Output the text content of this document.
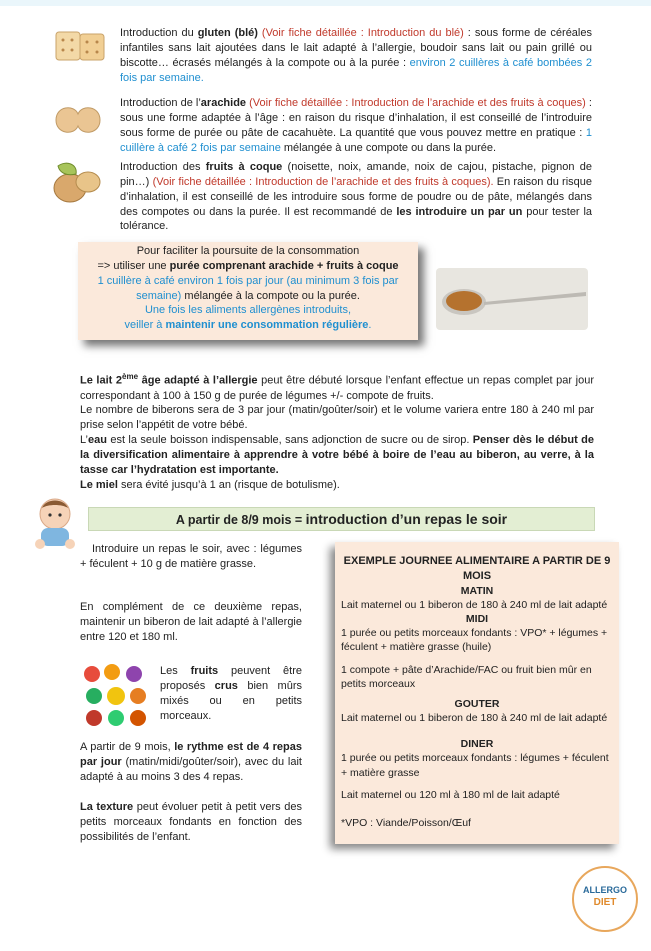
Introduction du gluten (blé) (Voir fiche détaillée : Introduction du blé) : sous forme de céréales infantiles sans lait ajoutées dans le lait adapté à l’allergie, boudoir sans lait ou pain grillé ou biscotte… écrasés mélangés à la compote ou à la purée : environ 2 cuillères à café bombées 2 fois par semaine.
Introduction de l’arachide (Voir fiche détaillée : Introduction de l’arachide et des fruits à coques) : sous une forme adaptée à l’âge : en raison du risque d’inhalation, il est conseillé de l’introduire sous forme de purée ou pâte de cacahuète. La quantité que vous pouvez mettre en pratique : 1 cuillère à café 2 fois par semaine mélangée à une compote ou dans la purée.
Introduction des fruits à coque (noisette, noix, amande, noix de cajou, pistache, pignon de pin…) (Voir fiche détaillée : Introduction de l’arachide et des fruits à coques). En raison du risque d’inhalation, il est conseillé de les introduire sous forme de poudre ou de pâte, mélangés dans des compotes ou dans la purée. Il est recommandé de les introduire un par un pour tester la tolérance.
Pour faciliter la poursuite de la consommation
=> utiliser une purée comprenant arachide + fruits à coque
1 cuillère à café environ 1 fois par jour (au minimum 3 fois par
semaine) mélangée à la compote ou la purée.
Une fois les aliments allergènes introduits,
veiller à maintenir une consommation régulière.
Le lait 2ème âge adapté à l’allergie peut être débuté lorsque l’enfant effectue un repas complet par jour correspondant à 100 à 150 g de purée de légumes +/- compote de fruits.
Le nombre de biberons sera de 3 par jour (matin/goûter/soir) et le volume variera entre 180 à 240 ml par prise selon l’appétit de votre bébé.
L’eau est la seule boisson indispensable, sans adjonction de sucre ou de sirop. Penser dès le début de la diversification alimentaire à apprendre à votre bébé à boire de l’eau au biberon, au verre, à la tasse car l’hydratation est importante.
Le miel sera évité jusqu’à 1 an (risque de botulisme).
A partir de 8/9 mois = introduction d’un repas le soir
Introduire un repas le soir, avec : légumes + féculent + 10 g de matière grasse.
En complément de ce deuxième repas, maintenir un biberon de lait adapté à l’allergie entre 120 et 180 ml.
Les fruits peuvent être proposés crus bien mûrs mixés ou en petits morceaux.
A partir de 9 mois, le rythme est de 4 repas par jour (matin/midi/goûter/soir), avec du lait adapté à au moins 3 des 4 repas.
La texture peut évoluer petit à petit vers des petits morceaux fondants en fonction des possibilités de l’enfant.
EXEMPLE JOURNEE ALIMENTAIRE A PARTIR DE 9 MOIS
MATIN
Lait maternel ou 1 biberon de 180 à 240 ml de lait adapté
MIDI
1 purée ou petits morceaux fondants : VPO* + légumes + féculent + matière grasse (huile)
1 compote + pâte d’Arachide/FAC ou fruit bien mûr en petits morceaux
GOUTER
Lait maternel ou 1 biberon de 180 à 240 ml de lait adapté
DINER
1 purée ou petits morceaux fondants : légumes + féculent + matière grasse
Lait maternel ou 120 ml à 180 ml de lait adapté
*VPO : Viande/Poisson/Œuf
ALLERGO
DIET
